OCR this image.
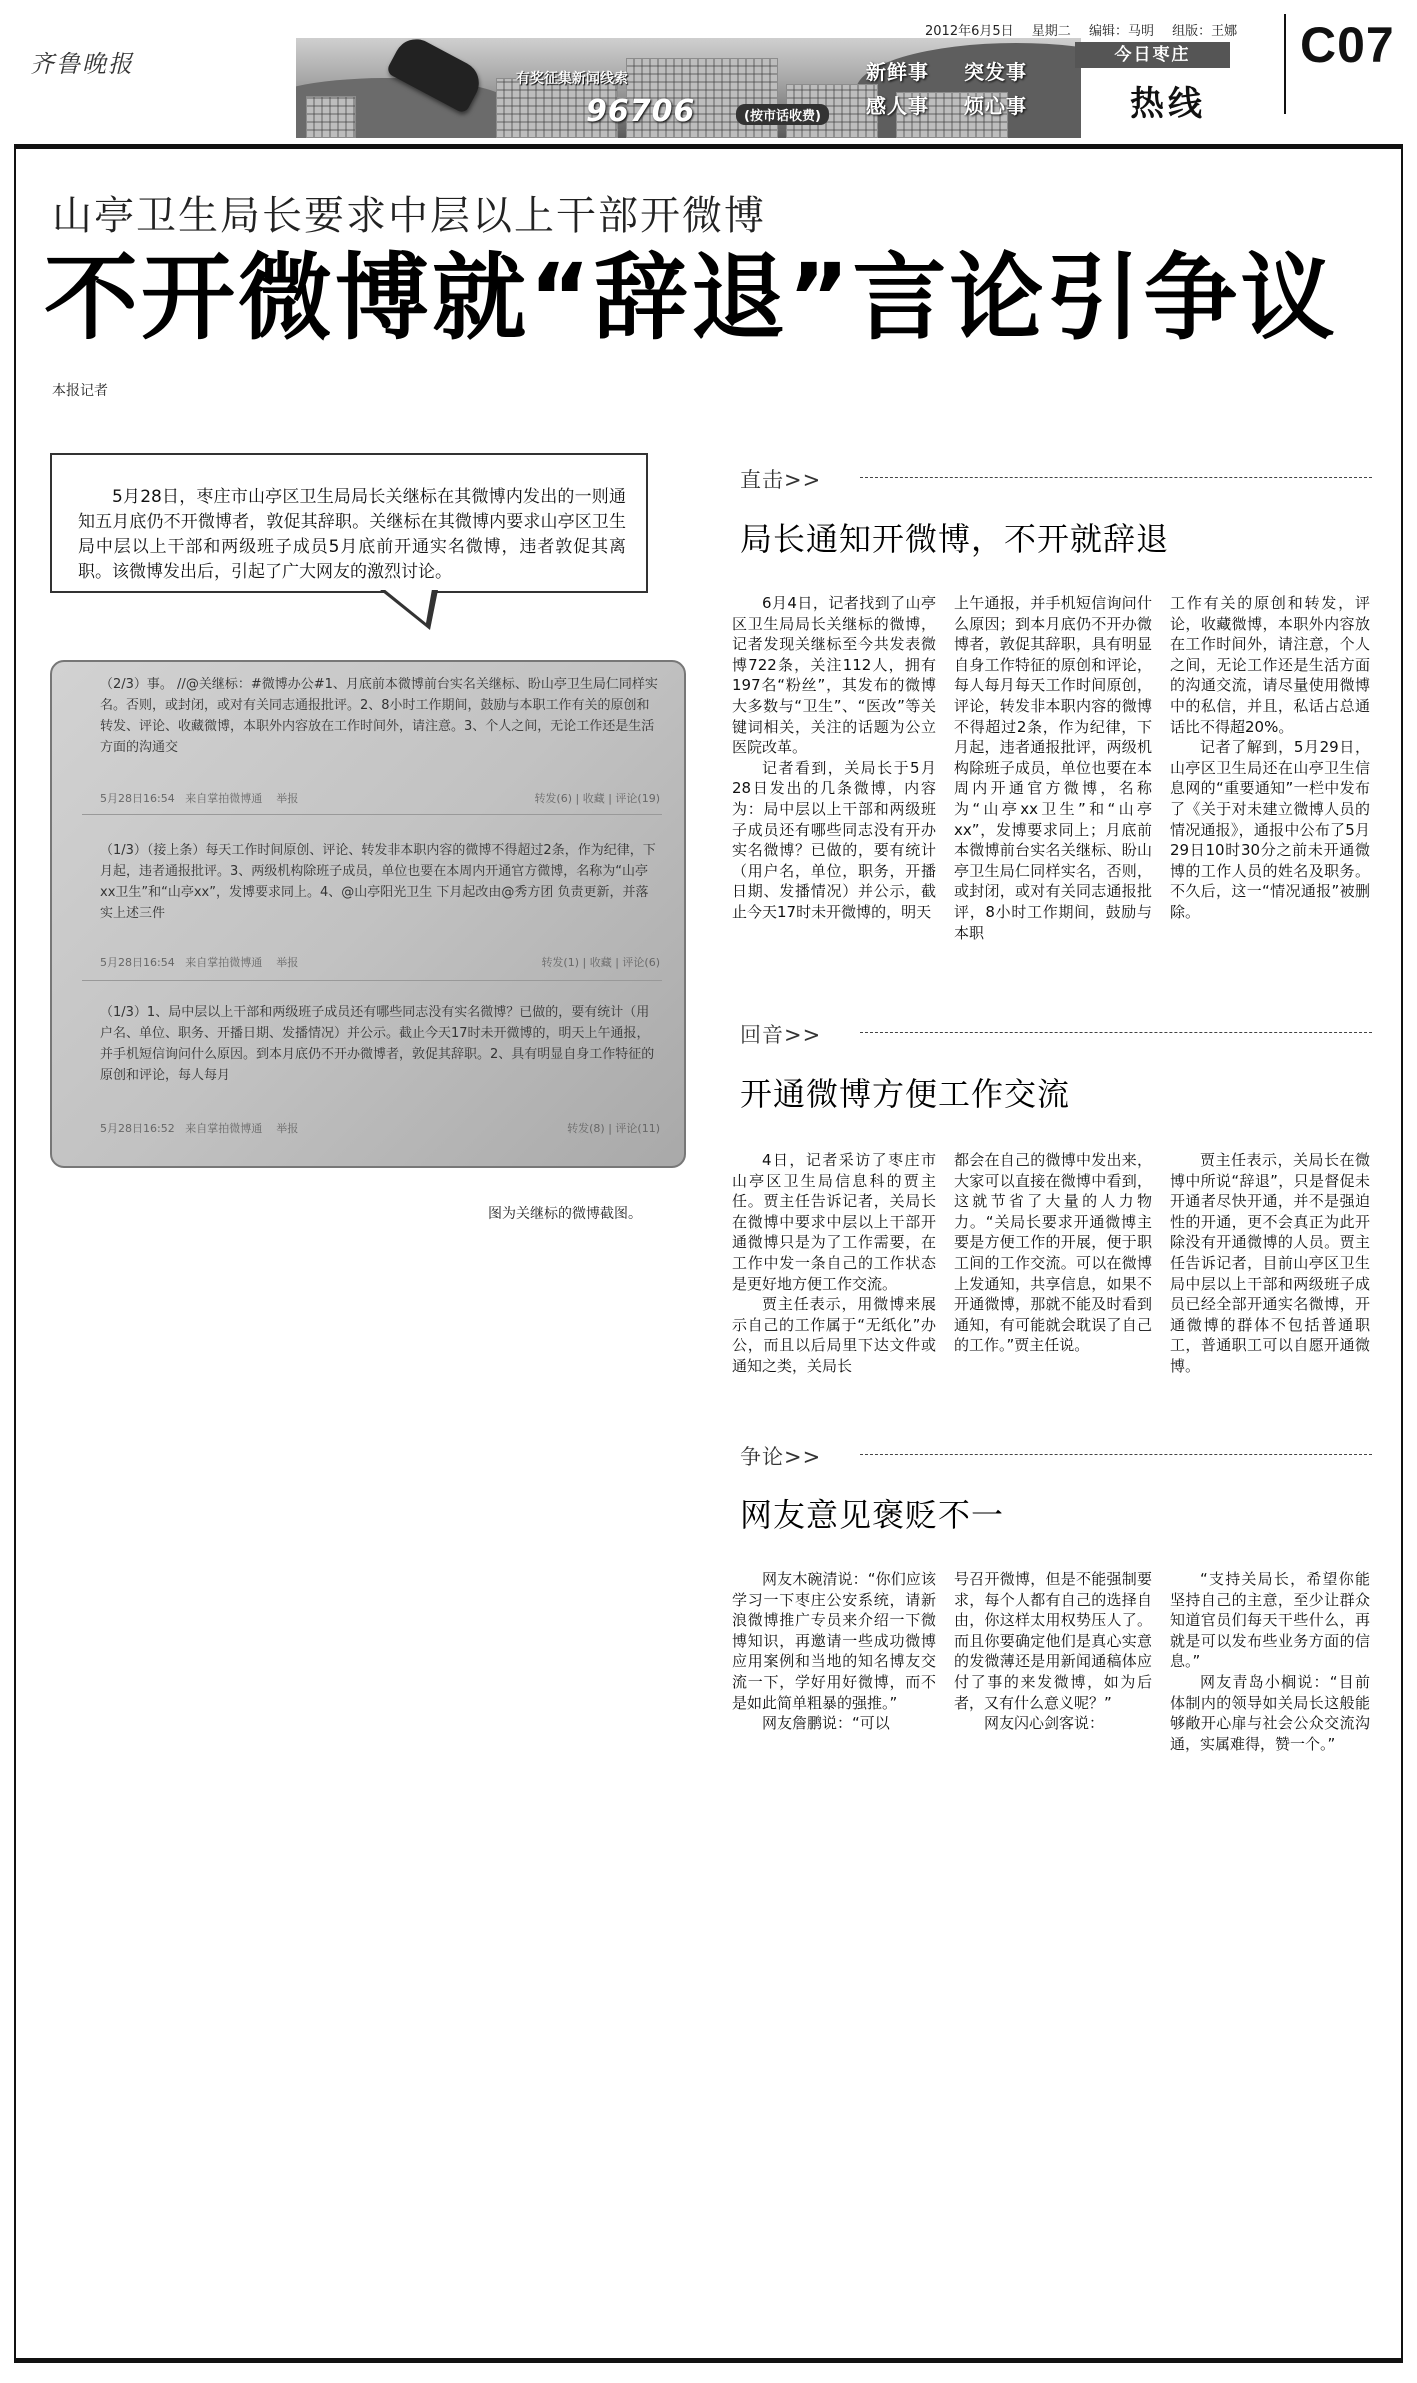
齐鲁晚报
有奖征集新闻线索
96706	(按市话收费)
新鲜事 突发事
感人事 烦心事
2012年6月5日 星期二 编辑：马明 组版：王娜
今日枣庄
热线
C07
山亭卫生局长要求中层以上干部开微博
不开微博就“辞退”言论引争议
本报记者
5月28日，枣庄市山亭区卫生局局长关继标在其微博内发出的一则通知五月底仍不开微博者，敦促其辞职。关继标在其微博内要求山亭区卫生局中层以上干部和两级班子成员5月底前开通实名微博，违者敦促其离职。该微博发出后，引起了广大网友的激烈讨论。
（2/3）事。 //@关继标：#微博办公#1、月底前本微博前台实名关继标、盼山亭卫生局仁同样实名。否则，或封闭，或对有关同志通报批评。2、8小时工作期间，鼓励与本职工作有关的原创和转发、评论、收藏微博，本职外内容放在工作时间外，请注意。3、个人之间，无论工作还是生活方面的沟通交
5月28日16:54 来自掌拍微博通 举报	转发(6) | 收藏 | 评论(19)
（1/3）（接上条）每天工作时间原创、评论、转发非本职内容的微博不得超过2条，作为纪律，下月起，违者通报批评。3、两级机构除班子成员，单位也要在本周内开通官方微博，名称为“山亭xx卫生”和“山亭xx”，发博要求同上。4、@山亭阳光卫生 下月起改由@秀方团 负责更新，并落实上述三件
5月28日16:54 来自掌拍微博通 举报	转发(1) | 收藏 | 评论(6)
（1/3）1、局中层以上干部和两级班子成员还有哪些同志没有实名微博？已做的，要有统计（用户名、单位、职务、开播日期、发播情况）并公示。截止今天17时未开微博的，明天上午通报，并手机短信询问什么原因。到本月底仍不开办微博者，敦促其辞职。2、具有明显自身工作特征的原创和评论，每人每月
5月28日16:52 来自掌拍微博通 举报	转发(8) | 评论(11)
图为关继标的微博截图。
直击>>
局长通知开微博，不开就辞退

6月4日，记者找到了山亭区卫生局局长关继标的微博，记者发现关继标至今共发表微博722条，关注112人，拥有197名“粉丝”，其发布的微博大多数与“卫生”、“医改”等关键词相关，关注的话题为公立医院改革。

记者看到，关局长于5月28日发出的几条微博，内容为：局中层以上干部和两级班子成员还有哪些同志没有开办实名微博？已做的，要有统计（用户名，单位，职务，开播日期、发播情况）并公示，截止今天17时未开微博的，明天

上午通报，并手机短信询问什么原因；到本月底仍不开办微博者，敦促其辞职，具有明显自身工作特征的原创和评论，每人每月每天工作时间原创，评论，转发非本职内容的微博不得超过2条，作为纪律，下月起，违者通报批评，两级机构除班子成员，单位也要在本周内开通官方微博，名称为“山亭xx卫生”和“山亭xx”，发博要求同上；月底前本微博前台实名关继标、盼山亭卫生局仁同样实名，否则，或封闭，或对有关同志通报批评，8小时工作期间，鼓励与本职

工作有关的原创和转发，评论，收藏微博，本职外内容放在工作时间外，请注意，个人之间，无论工作还是生活方面的沟通交流，请尽量使用微博中的私信，并且，私话占总通话比不得超20%。

记者了解到，5月29日，山亭区卫生局还在山亭卫生信息网的“重要通知”一栏中发布了《关于对未建立微博人员的情况通报》，通报中公布了5月29日10时30分之前未开通微博的工作人员的姓名及职务。不久后，这一“情况通报”被删除。

回音>>
开通微博方便工作交流

4日，记者采访了枣庄市山亭区卫生局信息科的贾主任。贾主任告诉记者，关局长在微博中要求中层以上干部开通微博只是为了工作需要，在工作中发一条自己的工作状态是更好地方便工作交流。

贾主任表示，用微博来展示自己的工作属于“无纸化”办公，而且以后局里下达文件或通知之类，关局长

都会在自己的微博中发出来，大家可以直接在微博中看到，这就节省了大量的人力物力。“关局长要求开通微博主要是方便工作的开展，便于职工间的工作交流。可以在微博上发通知，共享信息，如果不开通微博，那就不能及时看到通知，有可能就会耽误了自己的工作。”贾主任说。

贾主任表示，关局长在微博中所说“辞退”，只是督促未开通者尽快开通，并不是强迫性的开通，更不会真正为此开除没有开通微博的人员。贾主任告诉记者，目前山亭区卫生局中层以上干部和两级班子成员已经全部开通实名微博，开通微博的群体不包括普通职工，普通职工可以自愿开通微博。

争论>>
网友意见褒贬不一

网友木碗清说：“你们应该学习一下枣庄公安系统，请新浪微博推广专员来介绍一下微博知识，再邀请一些成功微博应用案例和当地的知名博友交流一下，学好用好微博，而不是如此简单粗暴的强推。”

网友詹鹏说：“可以

号召开微博，但是不能强制要求，每个人都有自己的选择自由，你这样太用权势压人了。而且你要确定他们是真心实意的发微薄还是用新闻通稿体应付了事的来发微博，如为后者，又有什么意义呢？”

网友闪心剑客说：

“支持关局长，希望你能坚持自己的主意，至少让群众知道官员们每天干些什么，再就是可以发布些业务方面的信息。”

网友青岛小榈说：“目前体制内的领导如关局长这般能够敞开心扉与社会公众交流沟通，实属难得，赞一个。”
